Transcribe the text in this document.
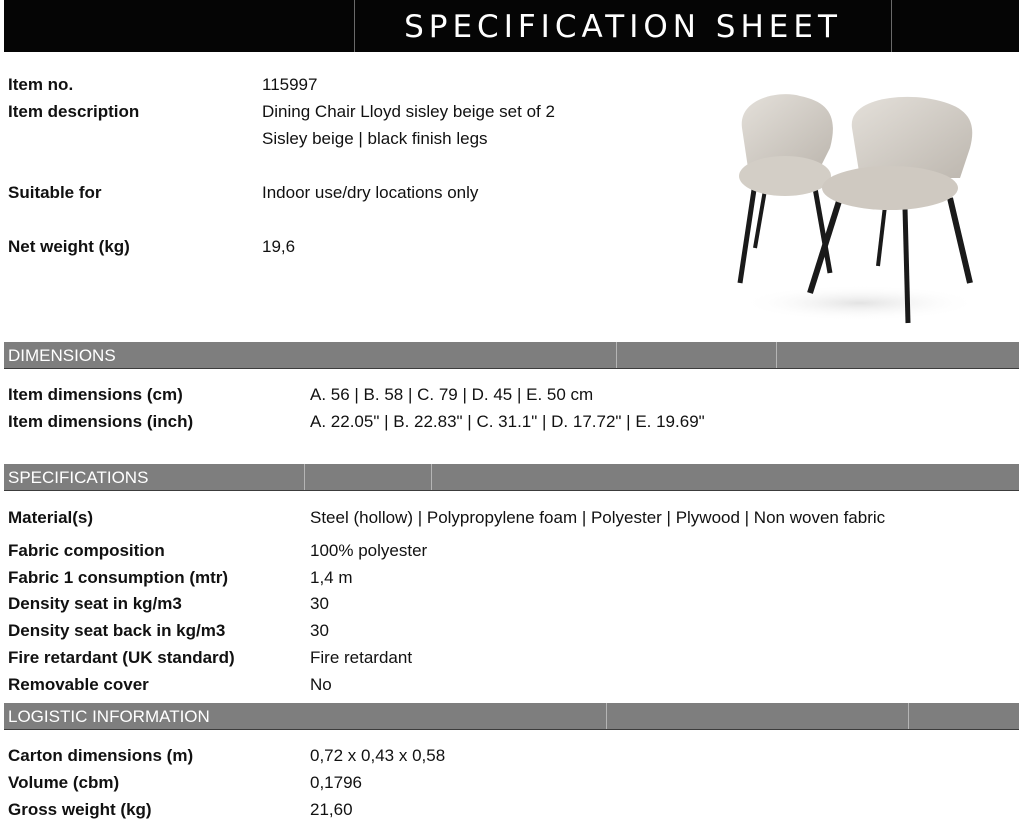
SPECIFICATION SHEET
Item no.	115997
Item description	Dining Chair Lloyd sisley beige set of 2
Sisley beige | black finish legs
Suitable for	Indoor use/dry locations only
Net weight (kg)	19,6
DIMENSIONS
Item dimensions (cm)	A. 56 | B. 58 | C. 79 | D. 45 | E. 50 cm
Item dimensions (inch)	A. 22.05" | B. 22.83" | C. 31.1" | D. 17.72" | E. 19.69"
SPECIFICATIONS
Material(s)	Steel (hollow) | Polypropylene foam | Polyester | Plywood | Non woven fabric
Fabric composition	100% polyester
Fabric 1 consumption (mtr)	1,4 m
Density seat in kg/m3	30
Density seat back in kg/m3	30
Fire retardant (UK standard)	Fire retardant
Removable cover	No
LOGISTIC INFORMATION
Carton dimensions (m)	0,72 x 0,43 x 0,58
Volume (cbm)	0,1796
Gross weight (kg)	21,60
